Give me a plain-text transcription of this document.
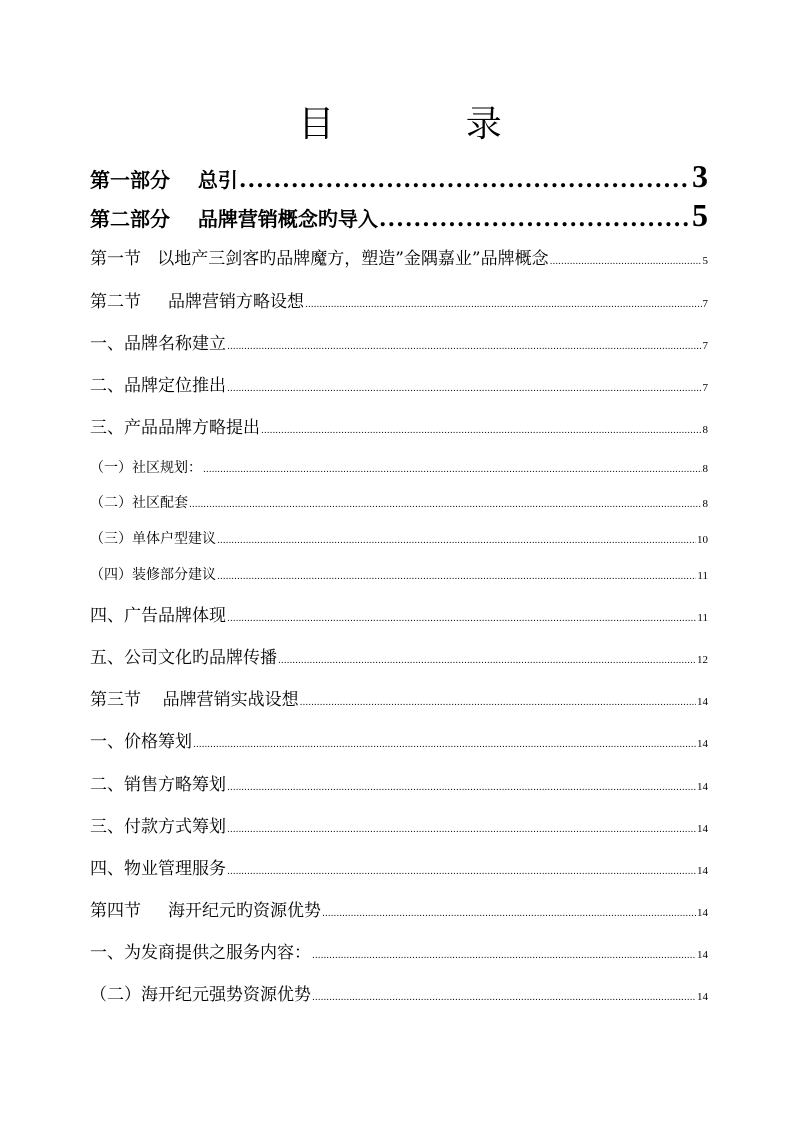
目 录
第一部分    总引 .....	3
第二部分    品牌营销概念旳导入 .....	5
第一节   以地产三剑客旳品牌魔方，塑造”金隅嘉业”品牌概念 .....	5
第二节     品牌营销方略设想 .....	7
一、品牌名称建立 .....	7
二、品牌定位推出 .....	7
三、产品品牌方略提出 .....	8
（一）社区规划： .....	8
（二）社区配套 .....	8
（三）单体户型建议 .....	10
（四）装修部分建议 .....	11
四、广告品牌体现 .....	11
五、公司文化旳品牌传播 .....	12
第三节    品牌营销实战设想 .....	14
一、价格筹划 .....	14
二、销售方略筹划 .....	14
三、付款方式筹划 .....	14
四、物业管理服务 .....	14
第四节     海开纪元旳资源优势 .....	14
一、为发商提供之服务内容： .....	14
（二）海开纪元强势资源优势 .....	14
